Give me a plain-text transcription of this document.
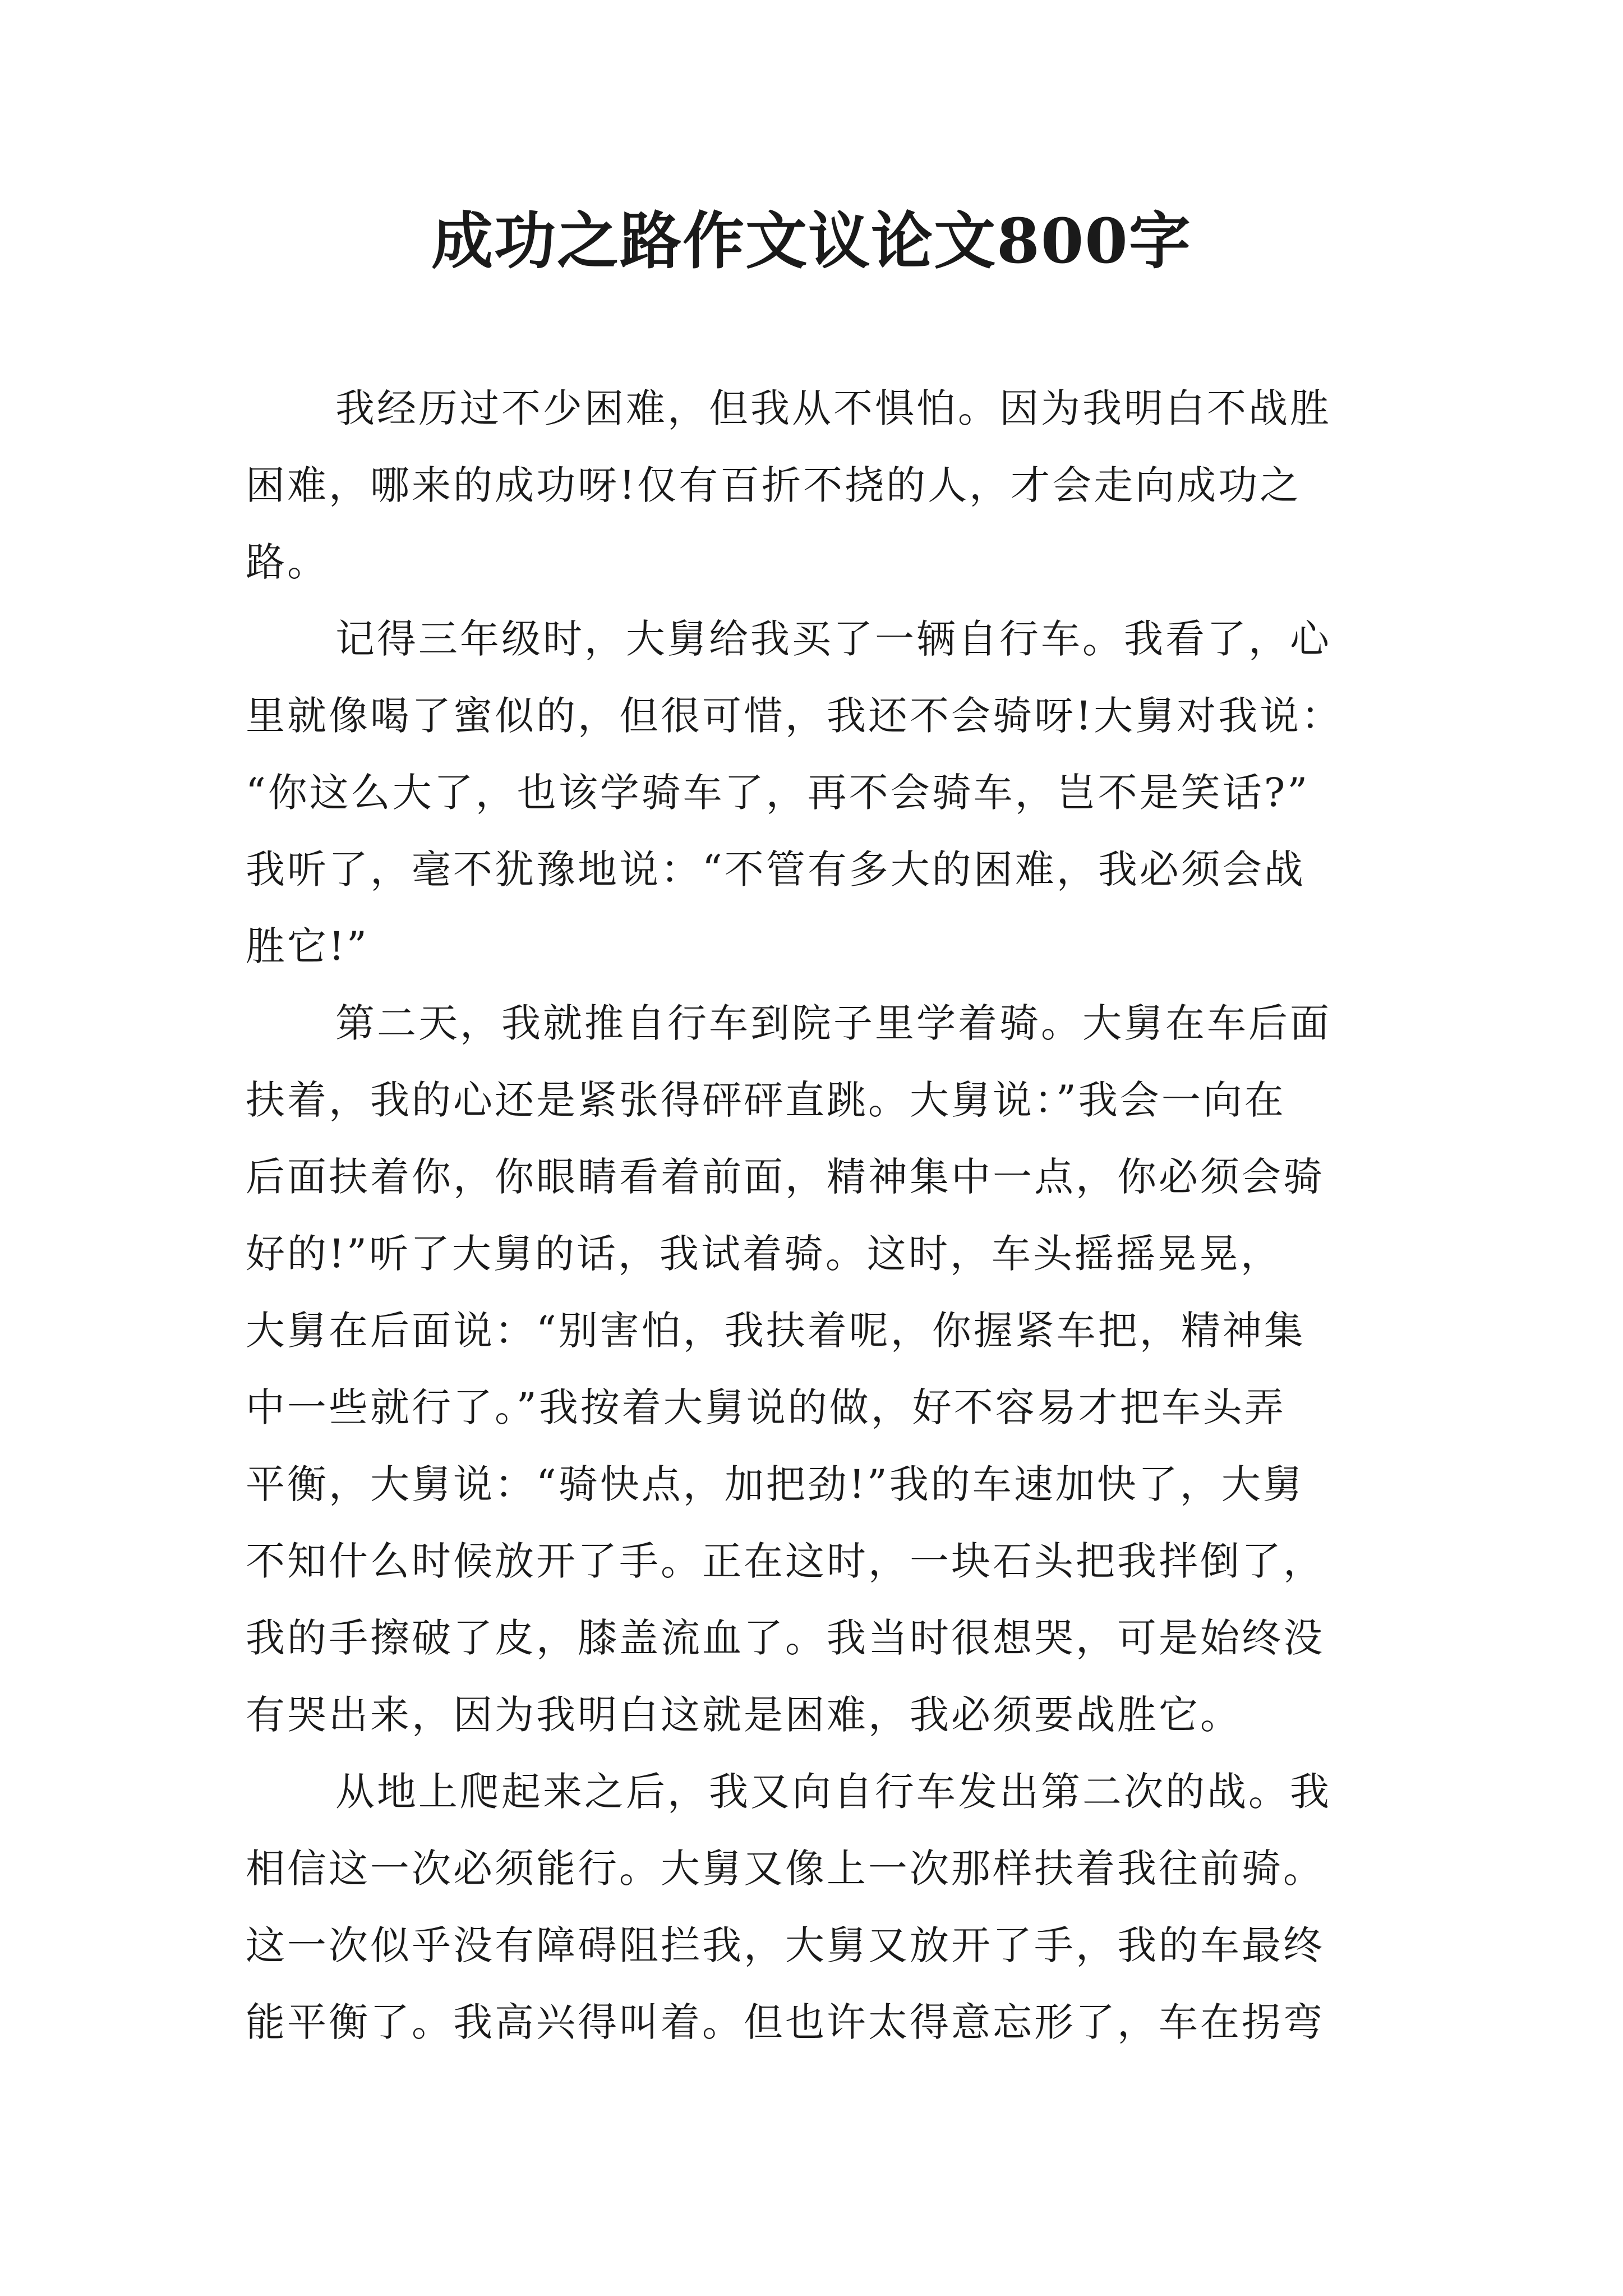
成功之路作文议论文800字
我经历过不少困难，但我从不惧怕。因为我明白不战胜
困难，哪来的成功呀!仅有百折不挠的人，才会走向成功之
路。
记得三年级时，大舅给我买了一辆自行车。我看了，心
里就像喝了蜜似的，但很可惜，我还不会骑呀!大舅对我说：
“你这么大了，也该学骑车了，再不会骑车，岂不是笑话?”
我听了，毫不犹豫地说：“不管有多大的困难，我必须会战
胜它!”
第二天，我就推自行车到院子里学着骑。大舅在车后面
扶着，我的心还是紧张得砰砰直跳。大舅说：”我会一向在
后面扶着你，你眼睛看着前面，精神集中一点，你必须会骑
好的!”听了大舅的话，我试着骑。这时，车头摇摇晃晃，
大舅在后面说：“别害怕，我扶着呢，你握紧车把，精神集
中一些就行了。”我按着大舅说的做，好不容易才把车头弄
平衡，大舅说：“骑快点，加把劲!”我的车速加快了，大舅
不知什么时候放开了手。正在这时，一块石头把我拌倒了，
我的手擦破了皮，膝盖流血了。我当时很想哭，可是始终没
有哭出来，因为我明白这就是困难，我必须要战胜它。
从地上爬起来之后，我又向自行车发出第二次的战。我
相信这一次必须能行。大舅又像上一次那样扶着我往前骑。
这一次似乎没有障碍阻拦我，大舅又放开了手，我的车最终
能平衡了。我高兴得叫着。但也许太得意忘形了，车在拐弯
